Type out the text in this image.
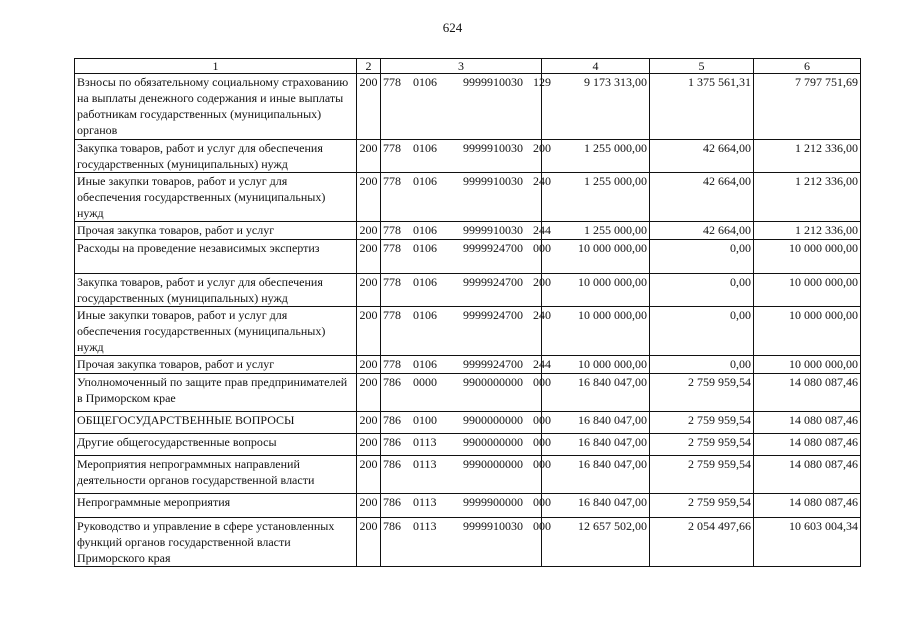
624
1	2	3	4	5	6
Взносы по обязательному социальному страхованию на выплаты денежного содержания и иные выплаты работникам государственных (муниципальных) органов	200	778 0106 9999910030 129	9 173 313,00	1 375 561,31	7 797 751,69
Закупка товаров, работ и услуг для обеспечения государственных (муниципальных) нужд	200	778 0106 9999910030 200	1 255 000,00	42 664,00	1 212 336,00
Иные закупки товаров, работ и услуг для обеспечения государственных (муниципальных) нужд	200	778 0106 9999910030 240	1 255 000,00	42 664,00	1 212 336,00
Прочая закупка товаров, работ и услуг	200	778 0106 9999910030 244	1 255 000,00	42 664,00	1 212 336,00
Расходы на проведение независимых экспертиз	200	778 0106 9999924700 000	10 000 000,00	0,00	10 000 000,00
Закупка товаров, работ и услуг для обеспечения государственных (муниципальных) нужд	200	778 0106 9999924700 200	10 000 000,00	0,00	10 000 000,00
Иные закупки товаров, работ и услуг для обеспечения государственных (муниципальных) нужд	200	778 0106 9999924700 240	10 000 000,00	0,00	10 000 000,00
Прочая закупка товаров, работ и услуг	200	778 0106 9999924700 244	10 000 000,00	0,00	10 000 000,00
Уполномоченный по защите прав предпринимателей в Приморском крае	200	786 0000 9900000000 000	16 840 047,00	2 759 959,54	14 080 087,46
ОБЩЕГОСУДАРСТВЕННЫЕ ВОПРОСЫ	200	786 0100 9900000000 000	16 840 047,00	2 759 959,54	14 080 087,46
Другие общегосударственные вопросы	200	786 0113 9900000000 000	16 840 047,00	2 759 959,54	14 080 087,46
Мероприятия непрограммных направлений деятельности органов государственной власти	200	786 0113 9990000000 000	16 840 047,00	2 759 959,54	14 080 087,46
Непрограммные мероприятия	200	786 0113 9999900000 000	16 840 047,00	2 759 959,54	14 080 087,46
Руководство и управление в сфере установленных функций органов государственной власти Приморского края	200	786 0113 9999910030 000	12 657 502,00	2 054 497,66	10 603 004,34
